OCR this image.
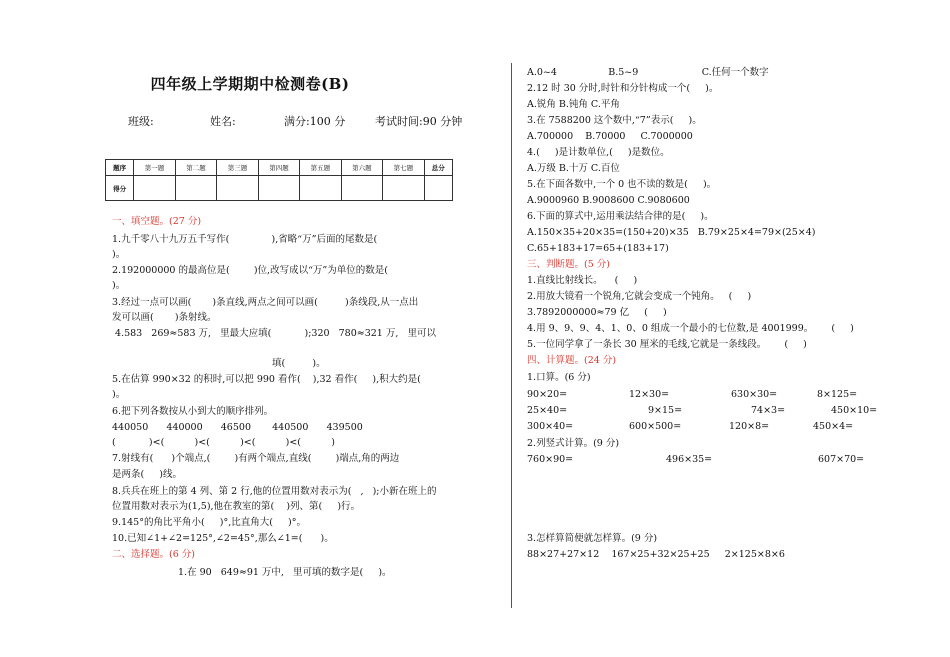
四年级上学期期中检测卷(B)
班级:	姓名:	满分:100 分	考试时间:90 分钟
题序	第一题	第二题	第三题	第四题	第五题	第六题	第七题	总分
得分								
一、填空题。(27 分)
1.九千零八十九万五千写作(              ),省略“万”后面的尾数是(
)。
2.192000000 的最高位是(        )位,改写成以“万”为单位的数是(
)。
3.经过一点可以画(       )条直线,两点之间可以画(         )条线段,从一点出
发可以画(       )条射线。
4.583   269≈583 万,   里最大应填(           );320   780≈321 万,   里可以
填(         )。
5.在估算 990×32 的积时,可以把 990 看作(    ),32 看作(     ),积大约是(
)。
6.把下列各数按从小到大的顺序排列。
440050      440000      46500       440500      439500
(           )<(          )<(          )<(          )<(          )
7.射线有(      )个端点,(        )有两个端点,直线(        )端点,角的两边
是两条(     )线。
8.兵兵在班上的第 4 列、第 2 行,他的位置用数对表示为(   ,   );小新在班上的
位置用数对表示为(1,5),他在教室的第(    )列、第(     )行。
9.145°的角比平角小(     )°,比直角大(     )°。
10.已知∠1+∠2=125°,∠2=45°,那么∠1=(      )。
二、选择题。(6 分)
1.在 90   649≈91 万中,   里可填的数字是(     )。
A.0~4                 B.5~9                     C.任何一个数字
2.12 时 30 分时,时针和分针构成一个(     )。
A.锐角 B.钝角 C.平角
3.在 7588200 这个数中,“7”表示(     )。
A.700000    B.70000     C.7000000
4.(     )是计数单位,(     )是数位。
A.万级 B.十万 C.百位
5.在下面各数中,一个 0 也不读的数是(     )。
A.9000960 B.9008600 C.9080600
6.下面的算式中,运用乘法结合律的是(     )。
A.150×35+20×35=(150+20)×35   B.79×25×4=79×(25×4)
C.65+183+17=65+(183+17)
三、判断题。(5 分)
1.直线比射线长。    (     )
2.用放大镜看一个锐角,它就会变成一个钝角。   (     )
3.7892000000≈79 亿     (     )
4.用 9、9、9、4、1、0、0 组成一个最小的七位数,是 4001999。      (     )
5.一位同学拿了一条长 30 厘米的毛线,它就是一条线段。      (     )
四、计算题。(24 分)
1.口算。(6 分)
90×20=	12×30=	630×30=	8×125=
25×40=	9×15=	74×3=	450×10=
300×40=	600×500=	120×8=	450×4=
2.列竖式计算。(9 分)
760×90=	496×35=	607×70=
3.怎样算简便就怎样算。(9 分)
88×27+27×12    167×25+32×25+25     2×125×8×6
